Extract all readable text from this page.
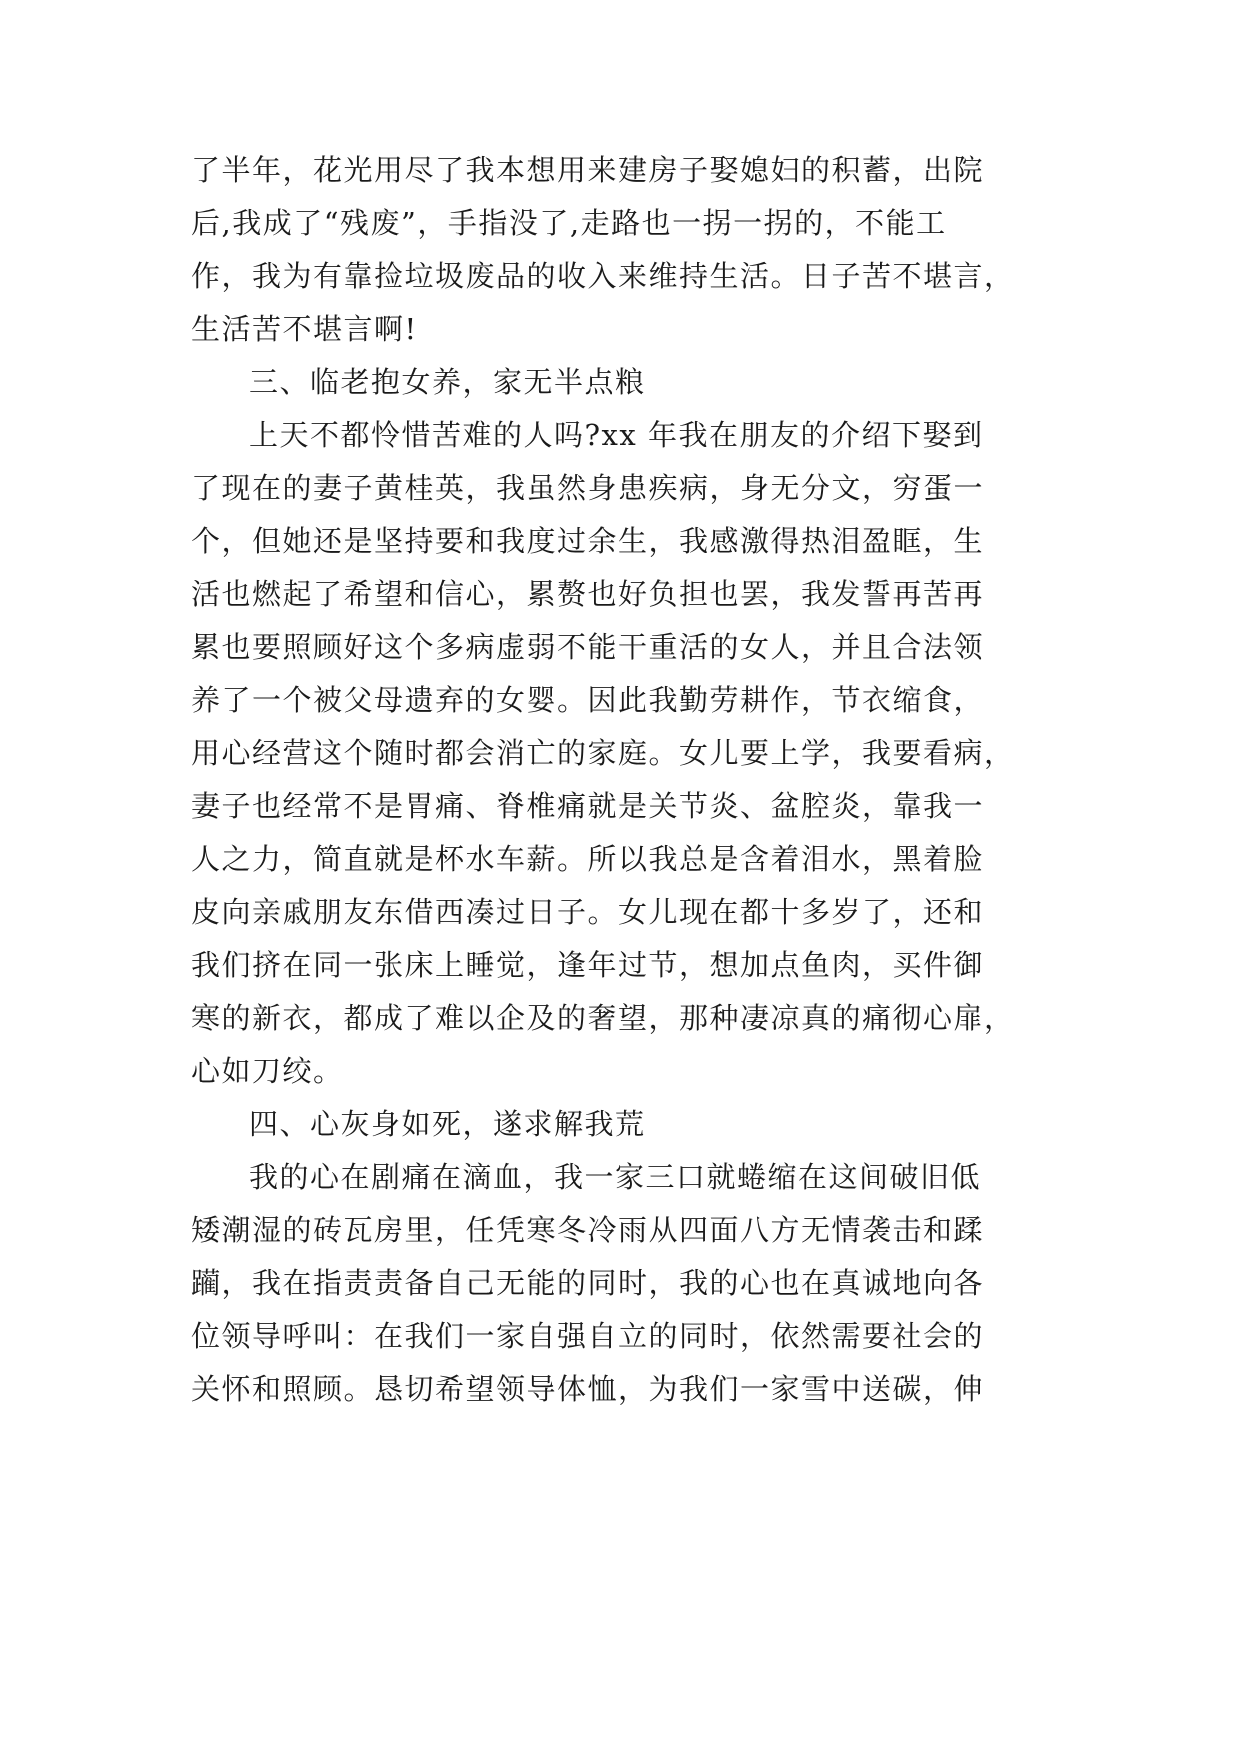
了半年，花光用尽了我本想用来建房子娶媳妇的积蓄，出院
后,我成了“残废”，手指没了,走路也一拐一拐的，不能工
作，我为有靠捡垃圾废品的收入来维持生活。日子苦不堪言，
生活苦不堪言啊!
三、临老抱女养，家无半点粮
上天不都怜惜苦难的人吗?xx 年我在朋友的介绍下娶到
了现在的妻子黄桂英，我虽然身患疾病，身无分文，穷蛋一
个，但她还是坚持要和我度过余生，我感激得热泪盈眶，生
活也燃起了希望和信心，累赘也好负担也罢，我发誓再苦再
累也要照顾好这个多病虚弱不能干重活的女人，并且合法领
养了一个被父母遗弃的女婴。因此我勤劳耕作，节衣缩食，
用心经营这个随时都会消亡的家庭。女儿要上学，我要看病，
妻子也经常不是胃痛、脊椎痛就是关节炎、盆腔炎，靠我一
人之力，简直就是杯水车薪。所以我总是含着泪水，黑着脸
皮向亲戚朋友东借西凑过日子。女儿现在都十多岁了，还和
我们挤在同一张床上睡觉，逢年过节，想加点鱼肉，买件御
寒的新衣，都成了难以企及的奢望，那种凄凉真的痛彻心扉，
心如刀绞。
四、心灰身如死，遂求解我荒
我的心在剧痛在滴血，我一家三口就蜷缩在这间破旧低
矮潮湿的砖瓦房里，任凭寒冬冷雨从四面八方无情袭击和蹂
躏，我在指责责备自己无能的同时，我的心也在真诚地向各
位领导呼叫：在我们一家自强自立的同时，依然需要社会的
关怀和照顾。恳切希望领导体恤，为我们一家雪中送碳，伸
